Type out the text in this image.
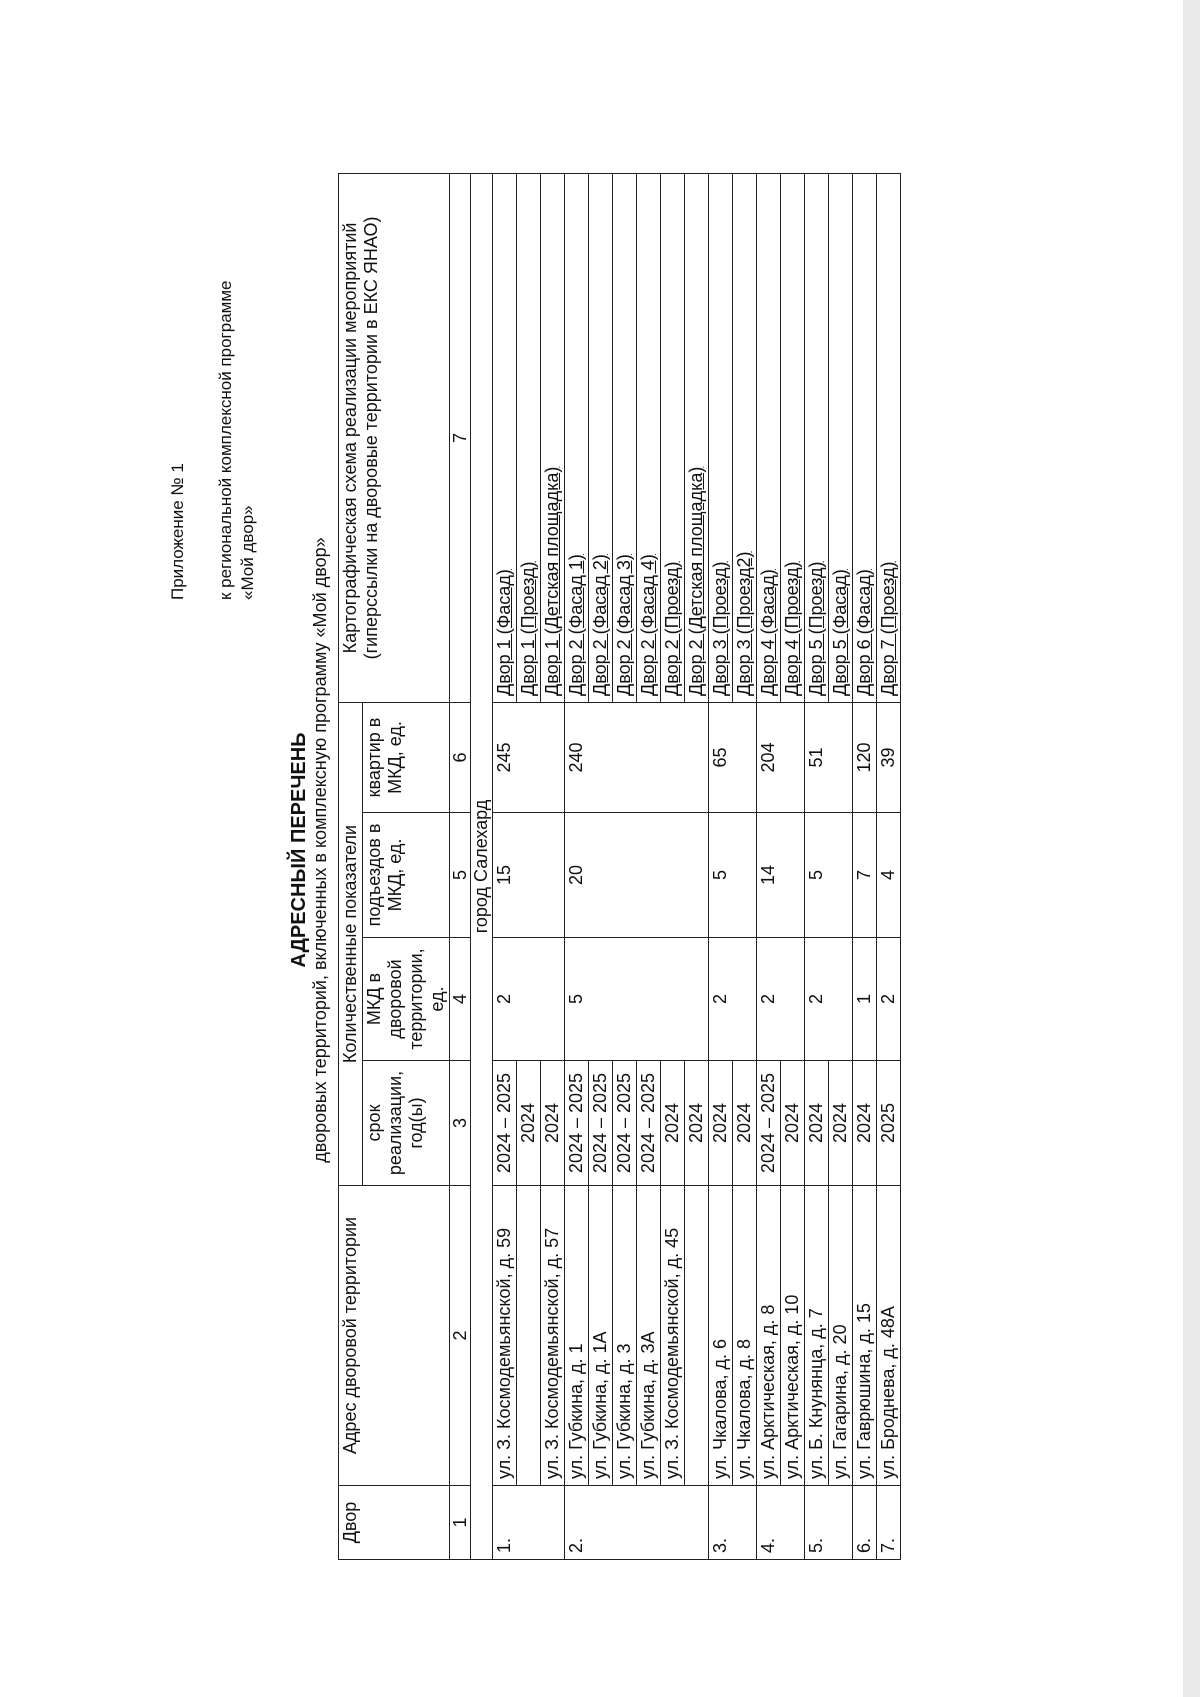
Приложение № 1 к региональной комплексной программе «Мой двор»
АДРЕСНЫЙ ПЕРЕЧЕНЬ дворовых территорий, включенных в комплексную программу «Мой двор»
Двор	Адрес дворовой территории	Количественные показатели				Картографическая схема реализации мероприятий (гиперссылки на дворовые территории в ЕКС ЯНАО)
		срок реализации, год(ы)	МКД в дворовой территории, ед.	подъездов в МКД, ед.	квартир в МКД, ед.	
1	2	3	4	5	6	7
город Салехард						
1.	ул. З. Космодемьянской, д. 59	2024 – 2025	2	15	245	Двор 1 (Фасад)
		2024				Двор 1 (Проезд)
	ул. З. Космодемьянской, д. 57	2024				Двор 1 (Детская площадка)
2.	ул. Губкина, д. 1	2024 – 2025	5	20	240	Двор 2 (Фасад 1)
	ул. Губкина, д. 1А	2024 – 2025				Двор 2 (Фасад 2)
	ул. Губкина, д. 3	2024 – 2025				Двор 2 (Фасад 3)
	ул. Губкина, д. 3А	2024 – 2025				Двор 2 (Фасад 4)
	ул. З. Космодемьянской, д. 45	2024				Двор 2 (Проезд)
		2024				Двор 2 (Детская площадка)
3.	ул. Чкалова, д. 6	2024	2	5	65	Двор 3 (Проезд)
	ул. Чкалова, д. 8	2024				Двор 3 (Проезд2)
4.	ул. Арктическая, д. 8	2024 – 2025	2	14	204	Двор 4 (Фасад)
	ул. Арктическая, д. 10	2024				Двор 4 (Проезд)
5.	ул. Б. Кнунянца, д. 7	2024	2	5	51	Двор 5 (Проезд)
	ул. Гагарина, д. 20	2024				Двор 5 (Фасад)
6.	ул. Гаврюшина, д. 15	2024	1	7	120	Двор 6 (Фасад)
7.	ул. Броднева, д. 48А	2025	2	4	39	Двор 7 (Проезд)
